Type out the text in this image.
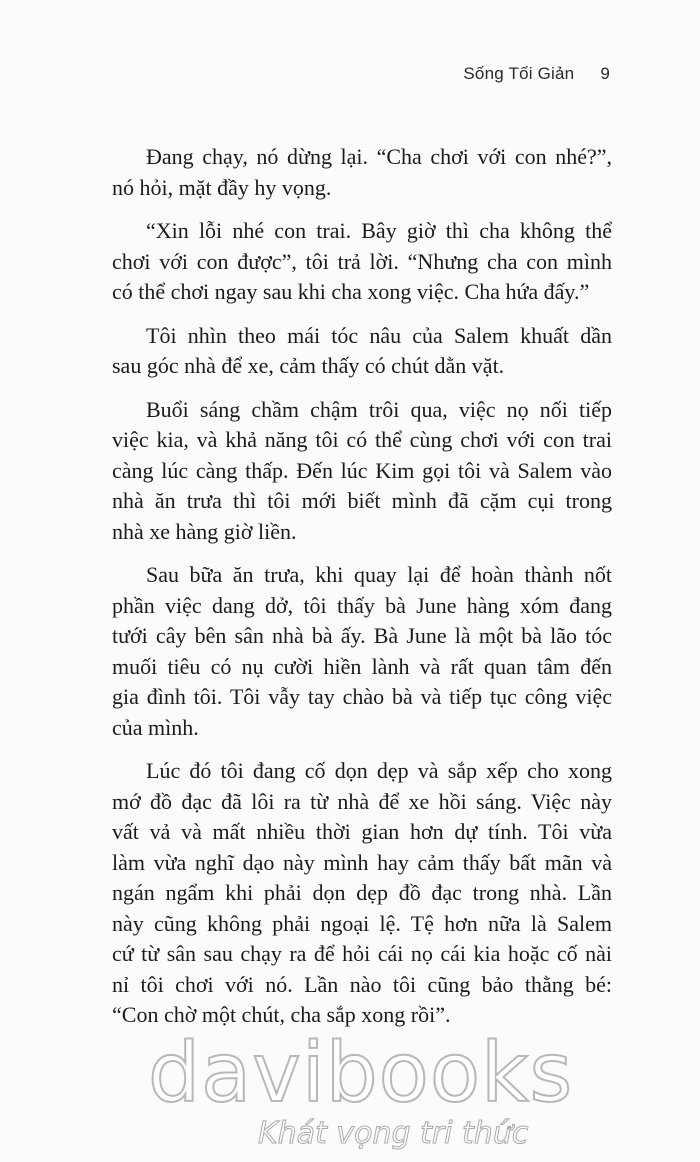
Sống Tối Giản 9

Đang chạy, nó dừng lại. “Cha chơi với con nhé?”,
nó hỏi, mặt đầy hy vọng.

“Xin lỗi nhé con trai. Bây giờ thì cha không thể
chơi với con được”, tôi trả lời. “Nhưng cha con mình
có thể chơi ngay sau khi cha xong việc. Cha hứa đấy.”

Tôi nhìn theo mái tóc nâu của Salem khuất dần
sau góc nhà để xe, cảm thấy có chút dằn vặt.

Buổi sáng chầm chậm trôi qua, việc nọ nối tiếp
việc kia, và khả năng tôi có thể cùng chơi với con trai
càng lúc càng thấp. Đến lúc Kim gọi tôi và Salem vào
nhà ăn trưa thì tôi mới biết mình đã cặm cụi trong
nhà xe hàng giờ liền.

Sau bữa ăn trưa, khi quay lại để hoàn thành nốt
phần việc dang dở, tôi thấy bà June hàng xóm đang
tưới cây bên sân nhà bà ấy. Bà June là một bà lão tóc
muối tiêu có nụ cười hiền lành và rất quan tâm đến
gia đình tôi. Tôi vẫy tay chào bà và tiếp tục công việc
của mình.

Lúc đó tôi đang cố dọn dẹp và sắp xếp cho xong
mớ đồ đạc đã lôi ra từ nhà để xe hồi sáng. Việc này
vất vả và mất nhiều thời gian hơn dự tính. Tôi vừa
làm vừa nghĩ dạo này mình hay cảm thấy bất mãn và
ngán ngẩm khi phải dọn dẹp đồ đạc trong nhà. Lần
này cũng không phải ngoại lệ. Tệ hơn nữa là Salem
cứ từ sân sau chạy ra để hỏi cái nọ cái kia hoặc cố nài
nỉ tôi chơi với nó. Lần nào tôi cũng bảo thằng bé:
“Con chờ một chút, cha sắp xong rồi”.

davibooks
Khát vọng tri thức
